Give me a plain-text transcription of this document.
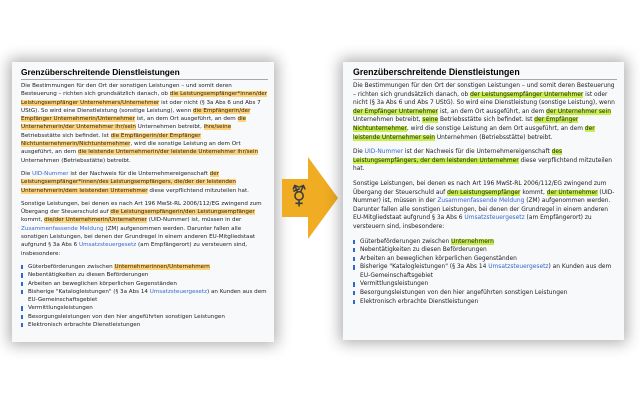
Grenzüberschreitende Dienstleistungen

Die Bestimmungen für den Ort der sonstigen Leistungen – und somit deren Besteuerung – richten sich grundsätzlich danach, ob die Leistungsempfänger*innen/der Leistungsempfänger Unternehmers/Unternehmer ist oder nicht (§ 3a Abs 6 und Abs 7 UStG). So wird eine Dienstleistung (sonstige Leistung), wenn die Empfängerin/der Empfänger Unternehmerin/Unternehmer ist, an dem Ort ausgeführt, an dem die Unternehmerin/der Unternehmer ihr/sein Unternehmen betreibt, ihre/seine Betriebsstätte sich befindet. Ist die Empfängerin/der Empfänger Nichtunternehmerin/Nichtunternehmer, wird die sonstige Leistung an dem Ort ausgeführt, an dem die leistende Unternehmerin/der leistende Unternehmer ihr/sein Unternehmen (Betriebsstätte) betreibt.

Die UID-Nummer ist der Nachweis für die Unternehmereigenschaft der Leistungsempfänger*innen/des Leistungsempfängers, die/der der leistenden Unternehmerin/dem leistenden Unternehmer diese verpflichtend mitzuteilen hat.

Sonstige Leistungen, bei denen es nach Art 196 MwSt-RL 2006/112/EG zwingend zum Übergang der Steuerschuld auf die Leistungsempfängerin/den Leistungsempfänger kommt, die/der Unternehmerin/Unternehmer (UID-Nummer) ist, müssen in der Zusammenfassende Meldung (ZM) aufgenommen werden. Darunter fallen alle sonstigen Leistungen, bei denen der Grundregel in einem anderen EU-Mitgliedstaat aufgrund § 3a Abs 6 Umsatzsteuergesetz (am Empfängerort) zu versteuern sind, insbesondere:

Güterbeförderungen zwischen Unternehmerinnen/Unternehmern
Nebentätigkeiten zu diesen Beförderungen
Arbeiten an beweglichen körperlichen Gegenständen
Bisherige "Katalogleistungen" (§ 3a Abs 14 Umsatzsteuergesetz) an Kunden aus dem EU-Gemeinschaftsgebiet
Vermittlungsleistungen
Besorgungsleistungen von den hier angeführten sonstigen Leistungen
Elektronisch erbrachte Dienstleistungen
⚧
Grenzüberschreitende Dienstleistungen

Die Bestimmungen für den Ort der sonstigen Leistungen – und somit deren Besteuerung – richten sich grundsätzlich danach, ob der Leistungsempfänger Unternehmer ist oder nicht (§ 3a Abs 6 und Abs 7 UStG). So wird eine Dienstleistung (sonstige Leistung), wenn der Empfänger Unternehmer ist, an dem Ort ausgeführt, an dem der Unternehmer sein Unternehmen betreibt, seine Betriebsstätte sich befindet. Ist der Empfänger Nichtunternehmer, wird die sonstige Leistung an dem Ort ausgeführt, an dem der leistende Unternehmer sein Unternehmen (Betriebsstätte) betreibt.

Die UID-Nummer ist der Nachweis für die Unternehmereigenschaft des Leistungsempfängers, der dem leistenden Unternehmer diese verpflichtend mitzuteilen hat.

Sonstige Leistungen, bei denen es nach Art 196 MwSt-RL 2006/112/EG zwingend zum Übergang der Steuerschuld auf den Leistungsempfänger kommt, der Unternehmer (UID-Nummer) ist, müssen in der Zusammenfassende Meldung (ZM) aufgenommen werden. Darunter fallen alle sonstigen Leistungen, bei denen der Grundregel in einem anderen EU-Mitgliedstaat aufgrund § 3a Abs 6 Umsatzsteuergesetz (am Empfängerort) zu versteuern sind, insbesondere:

Güterbeförderungen zwischen Unternehmern
Nebentätigkeiten zu diesen Beförderungen
Arbeiten an beweglichen körperlichen Gegenständen
Bisherige "Katalogleistungen" (§ 3a Abs 14 Umsatzsteuergesetz) an Kunden aus dem EU-Gemeinschaftsgebiet
Vermittlungsleistungen
Besorgungsleistungen von den hier angeführten sonstigen Leistungen
Elektronisch erbrachte Dienstleistungen
